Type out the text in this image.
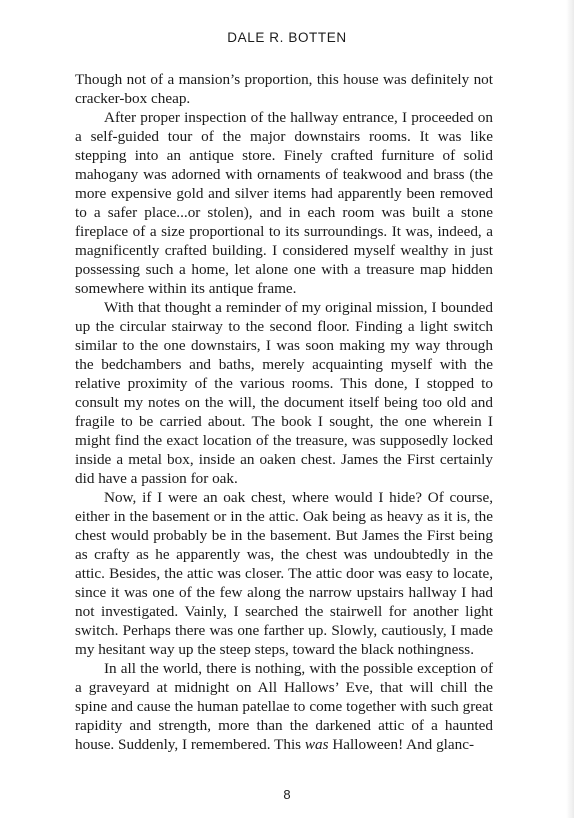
DALE R. BOTTEN

Though not of a mansion’s proportion, this house was definitely not cracker-box cheap.

After proper inspection of the hallway entrance, I proceeded on a self-guided tour of the major downstairs rooms. It was like stepping into an antique store. Finely crafted furniture of solid mahogany was adorned with ornaments of teakwood and brass (the more expensive gold and silver items had apparently been removed to a safer place...or stolen), and in each room was built a stone fireplace of a size proportional to its surroundings. It was, indeed, a magnificently crafted building. I considered myself wealthy in just possessing such a home, let alone one with a treasure map hidden somewhere within its antique frame.

With that thought a reminder of my original mission, I bounded up the circular stairway to the second floor. Finding a light switch similar to the one downstairs, I was soon making my way through the bedchambers and baths, merely acquainting myself with the relative proximity of the various rooms. This done, I stopped to consult my notes on the will, the document itself being too old and fragile to be carried about. The book I sought, the one wherein I might find the exact location of the treasure, was supposedly locked inside a metal box, inside an oaken chest. James the First certainly did have a passion for oak.

Now, if I were an oak chest, where would I hide? Of course, either in the basement or in the attic. Oak being as heavy as it is, the chest would probably be in the basement. But James the First being as crafty as he apparently was, the chest was undoubtedly in the attic. Besides, the attic was closer. The attic door was easy to locate, since it was one of the few along the narrow upstairs hallway I had not investigated. Vainly, I searched the stairwell for another light switch. Perhaps there was one farther up. Slowly, cautiously, I made my hesitant way up the steep steps, toward the black nothingness.

In all the world, there is nothing, with the possible exception of a graveyard at midnight on All Hallows’ Eve, that will chill the spine and cause the human patellae to come together with such great rapidity and strength, more than the darkened attic of a haunted house. Suddenly, I remembered. This was Halloween! And glanc-

8
